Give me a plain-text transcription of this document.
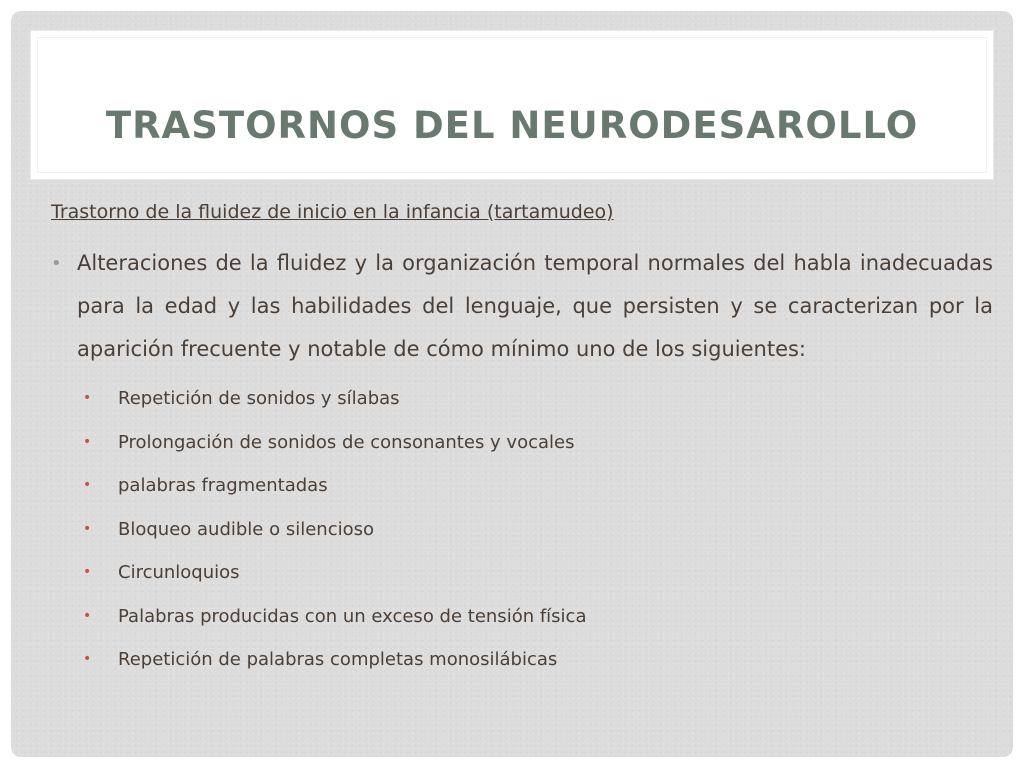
TRASTORNOS DEL NEURODESAROLLO

Trastorno de la fluidez de inicio en la infancia (tartamudeo)

• Alteraciones de la fluidez y la organización temporal normales del habla inadecuadas para la edad y las habilidades del lenguaje, que persisten y se caracterizan por la aparición frecuente y notable de cómo mínimo uno de los siguientes:

• Repetición de sonidos y sílabas
• Prolongación de sonidos de consonantes y vocales
• palabras fragmentadas
• Bloqueo audible o silencioso
• Circunloquios
• Palabras producidas con un exceso de tensión física
• Repetición de palabras completas monosilábicas
